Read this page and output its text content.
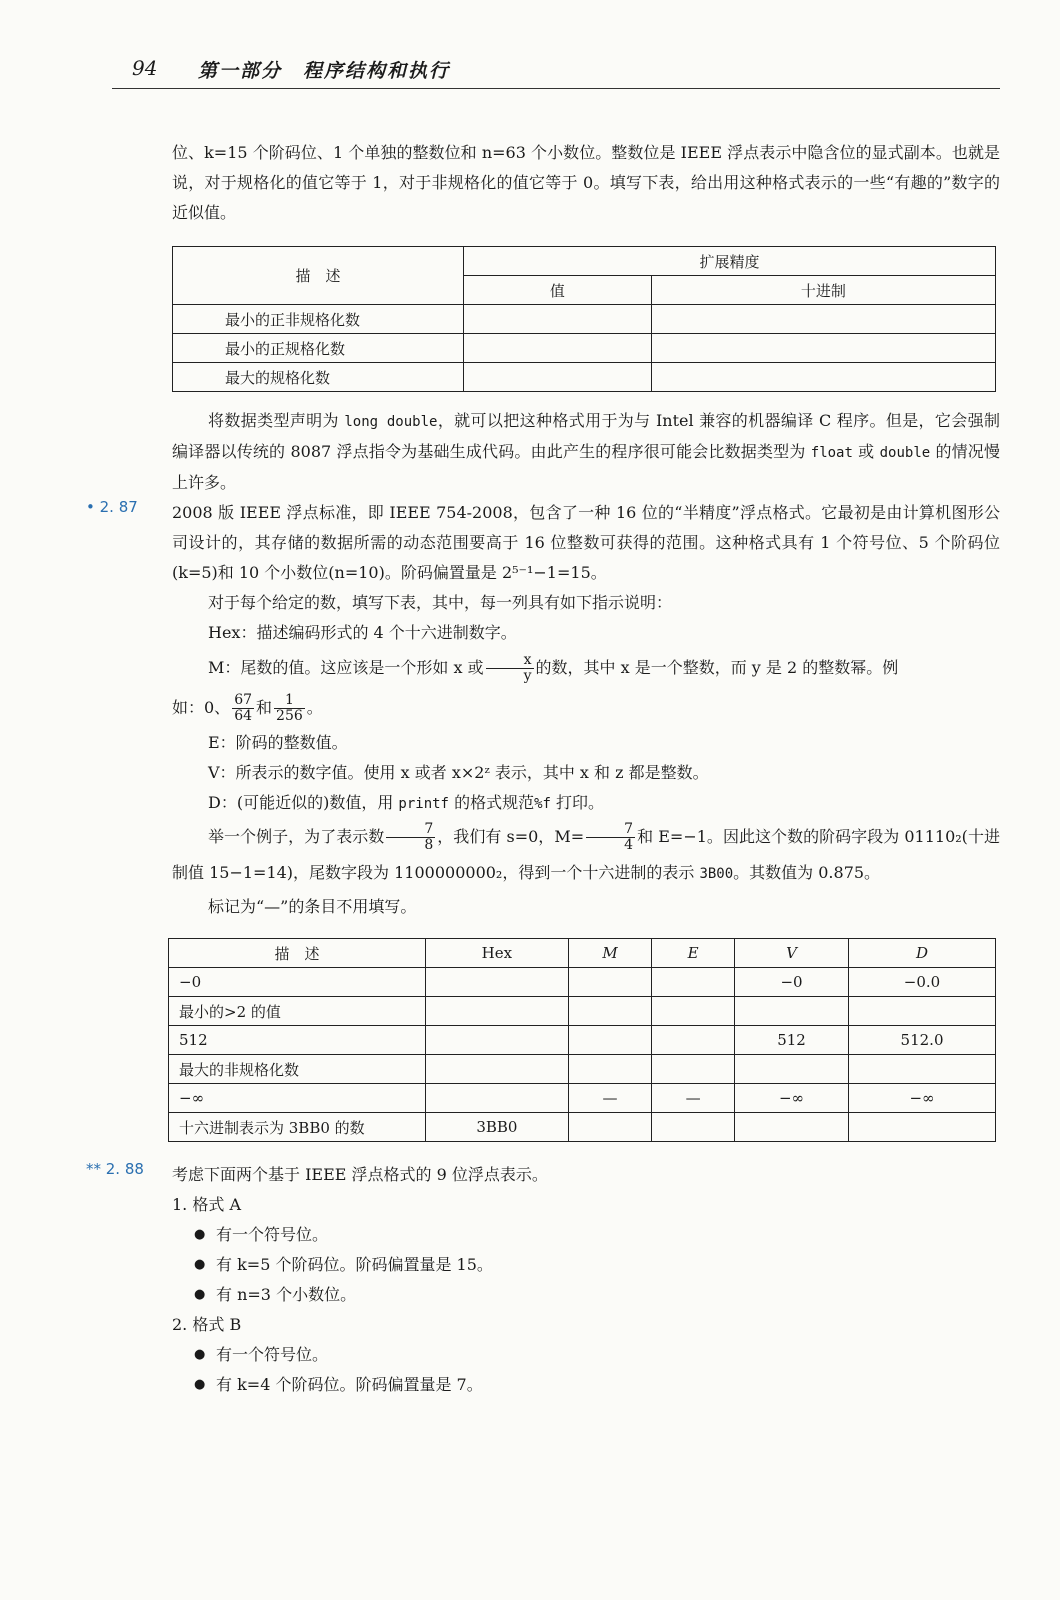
94 第一部分　程序结构和执行

位、k=15 个阶码位、1 个单独的整数位和 n=63 个小数位。整数位是 IEEE 浮点表示中隐含位的显式副本。也就是说，对于规格化的值它等于 1，对于非规格化的值它等于 0。填写下表，给出用这种格式表示的一些“有趣的”数字的近似值。

描　述	扩展精度	
	值	十进制
最小的正非规格化数		
最小的正规格化数		
最大的规格化数		

将数据类型声明为 long double，就可以把这种格式用于为与 Intel 兼容的机器编译 C 程序。但是，它会强制编译器以传统的 8087 浮点指令为基础生成代码。由此产生的程序很可能会比数据类型为 float 或 double 的情况慢上许多。

• 2. 87 2008 版 IEEE 浮点标准，即 IEEE 754-2008，包含了一种 16 位的“半精度”浮点格式。它最初是由计算机图形公司设计的，其存储的数据所需的动态范围要高于 16 位整数可获得的范围。这种格式具有 1 个符号位、5 个阶码位(k=5)和 10 个小数位(n=10)。阶码偏置量是 2⁵⁻¹−1=15。

对于每个给定的数，填写下表，其中，每一列具有如下指示说明：

Hex：描述编码形式的 4 个十六进制数字。

M：尾数的值。这应该是一个形如 x 或 $\frac{x}{y}$ 的数，其中 x 是一个整数，而 y 是 2 的整数幂。例

如：0、 $\frac{67}{64}$ 和 $\frac{1}{256}$ 。

E：阶码的整数值。

V：所表示的数字值。使用 x 或者 x×2ᶻ 表示，其中 x 和 z 都是整数。

D：(可能近似的)数值，用 printf 的格式规范%f 打印。

举一个例子，为了表示数 $\frac{7}{8}$ ，我们有 s=0，$M= \frac{7}{4}$ 和 E=−1。因此这个数的阶码字段为 01110₂(十进制值 15−1=14)，尾数字段为 1100000000₂，得到一个十六进制的表示 3B00。其数值为 0.875。

标记为“—”的条目不用填写。

描　述	Hex	M	E	V	D
−0				−0	−0.0
最小的>2 的值					
512				512	512.0
最大的非规格化数					
−∞		—	—	−∞	−∞
十六进制表示为 3BB0 的数	3BB0				
** 2. 88 考虑下面两个基于 IEEE 浮点格式的 9 位浮点表示。

1. 格式 A
● 有一个符号位。
● 有 k=5 个阶码位。阶码偏置量是 15。
● 有 n=3 个小数位。
2. 格式 B
● 有一个符号位。
● 有 k=4 个阶码位。阶码偏置量是 7。
